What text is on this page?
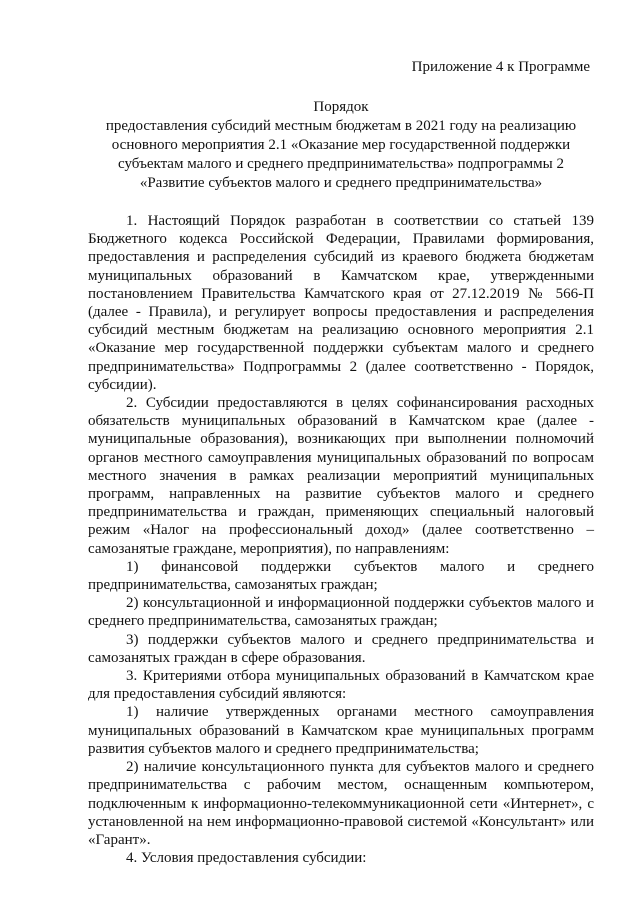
Приложение 4 к Программе
Порядок
предоставления субсидий местным бюджетам в 2021 году на реализацию
основного мероприятия 2.1 «Оказание мер государственной поддержки
субъектам малого и среднего предпринимательства» подпрограммы 2
«Развитие субъектов малого и среднего предпринимательства»

1. Настоящий Порядок разработан в соответствии со статьей 139 Бюджетного кодекса Российской Федерации, Правилами формирования, предоставления и распределения субсидий из краевого бюджета бюджетам муниципальных образований в Камчатском крае, утвержденными постановлением Правительства Камчатского края от 27.12.2019 № 566-П (далее - Правила), и регулирует вопросы предоставления и распределения субсидий местным бюджетам на реализацию основного мероприятия 2.1 «Оказание мер государственной поддержки субъектам малого и среднего предпринимательства» Подпрограммы 2 (далее соответственно - Порядок, субсидии).

2. Субсидии предоставляются в целях софинансирования расходных обязательств муниципальных образований в Камчатском крае (далее - муниципальные образования), возникающих при выполнении полномочий органов местного самоуправления муниципальных образований по вопросам местного значения в рамках реализации мероприятий муниципальных программ, направленных на развитие субъектов малого и среднего предпринимательства и граждан, применяющих специальный налоговый режим «Налог на профессиональный доход» (далее соответственно – самозанятые граждане, мероприятия), по направлениям:

1) финансовой поддержки субъектов малого и среднего предпринимательства, самозанятых граждан;

2) консультационной и информационной поддержки субъектов малого и среднего предпринимательства, самозанятых граждан;

3) поддержки субъектов малого и среднего предпринимательства и самозанятых граждан в сфере образования.

3. Критериями отбора муниципальных образований в Камчатском крае для предоставления субсидий являются:

1) наличие утвержденных органами местного самоуправления муниципальных образований в Камчатском крае муниципальных программ развития субъектов малого и среднего предпринимательства;

2) наличие консультационного пункта для субъектов малого и среднего предпринимательства с рабочим местом, оснащенным компьютером, подключенным к информационно-телекоммуникационной сети «Интернет», с установленной на нем информационно-правовой системой «Консультант» или «Гарант».

4. Условия предоставления субсидии:
